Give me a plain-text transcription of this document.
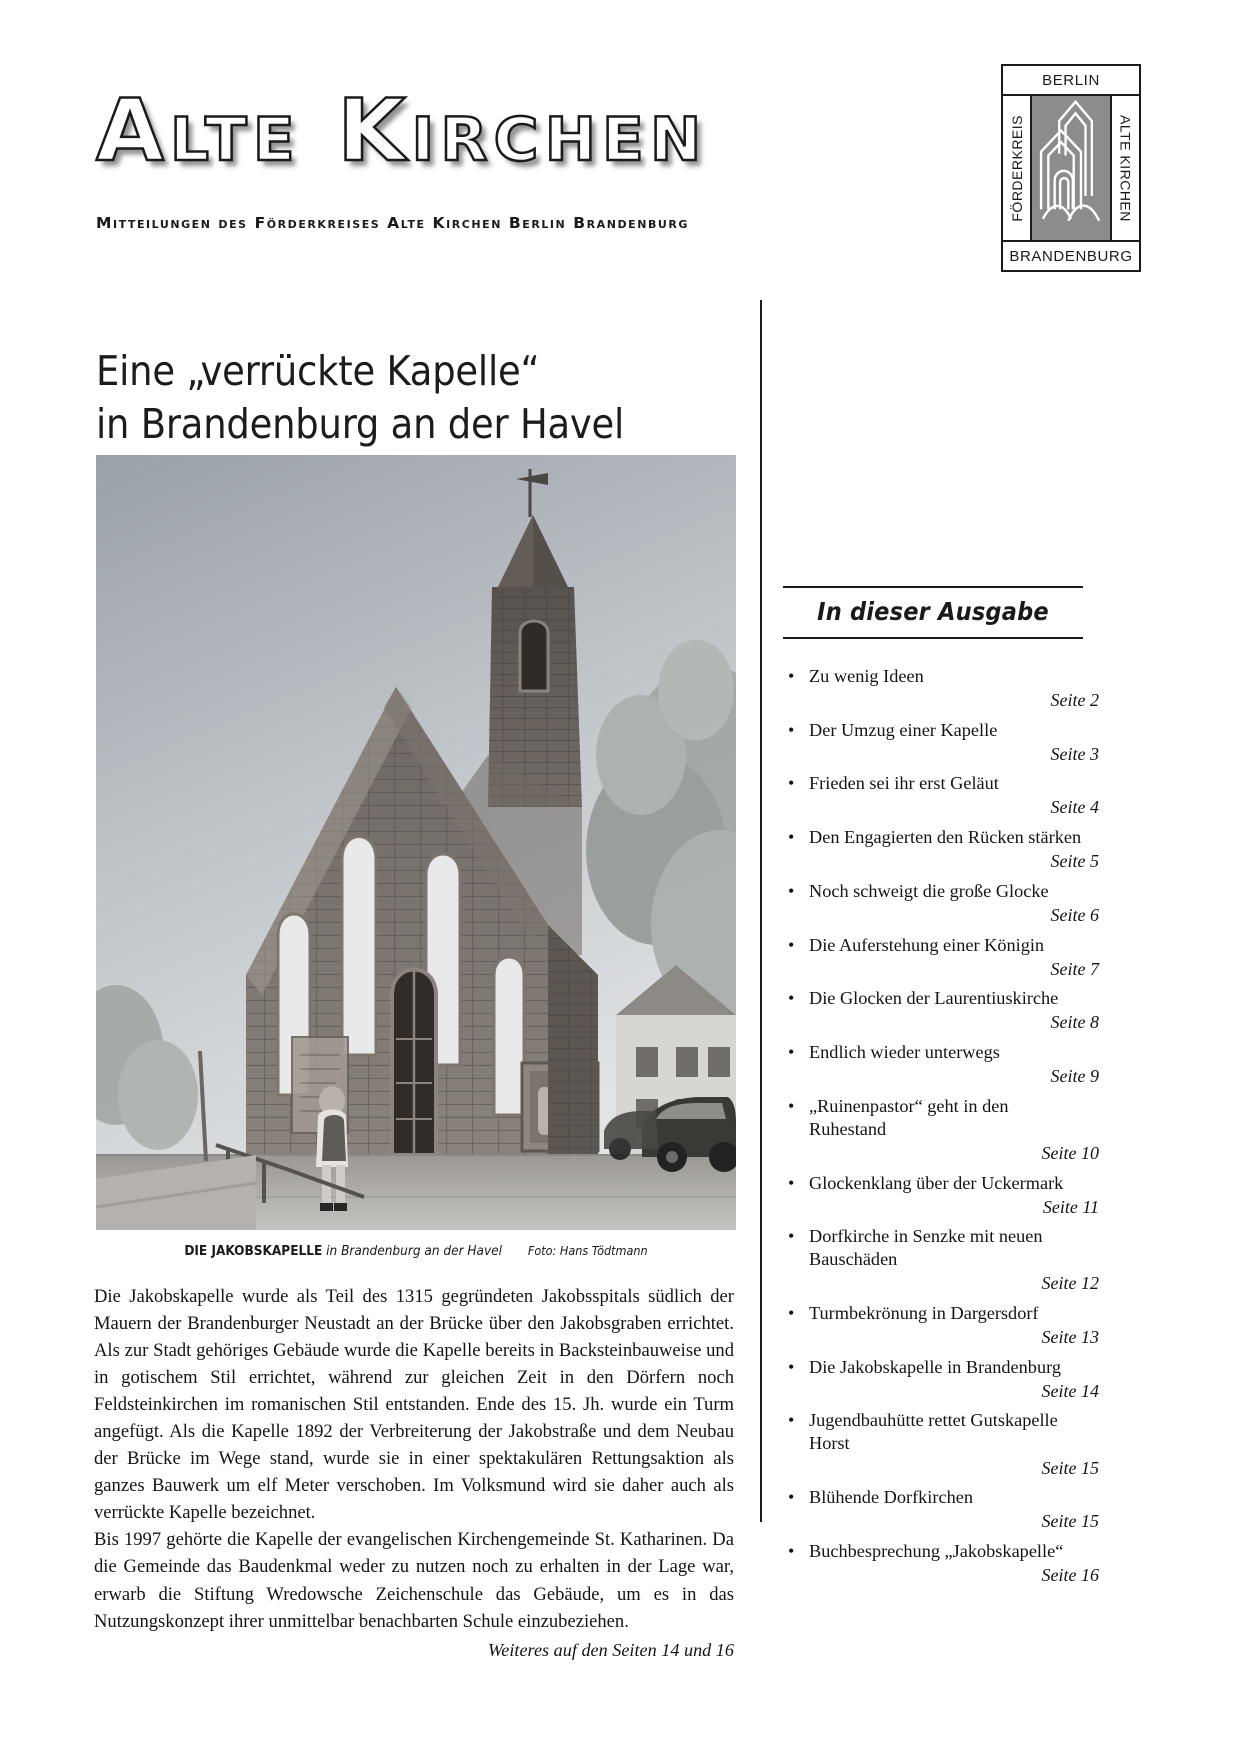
Alte Kirchen
Mitteilungen des Förderkreises Alte Kirchen Berlin Brandenburg
BERLIN
FÖRDERKREIS	ALTE KIRCHEN
BRANDENBURG
Eine „verrückte Kapelle“
in Brandenburg an der Havel
DIE JAKOBSKAPELLE in Brandenburg an der Havel Foto: Hans Tödtmann

Die Jakobskapelle wurde als Teil des 1315 gegründeten Jakobsspitals südlich der Mauern der Brandenburger Neustadt an der Brücke über den Jakobsgraben errichtet. Als zur Stadt gehöriges Gebäude wurde die Kapelle bereits in Backsteinbauweise und in gotischem Stil errichtet, während zur gleichen Zeit in den Dörfern noch Feldsteinkirchen im romanischen Stil entstanden. Ende des 15. Jh. wurde ein Turm angefügt. Als die Kapelle 1892 der Verbreiterung der Jakobstraße und dem Neubau der Brücke im Wege stand, wurde sie in einer spektakulären Rettungsaktion als ganzes Bauwerk um elf Meter verschoben. Im Volksmund wird sie daher auch als verrückte Kapelle bezeichnet.

Bis 1997 gehörte die Kapelle der evangelischen Kirchengemeinde St. Katharinen. Da die Gemeinde das Baudenkmal weder zu nutzen noch zu erhalten in der Lage war, erwarb die Stiftung Wredowsche Zeichenschule das Gebäude, um es in das Nutzungskonzept ihrer unmittelbar benachbarten Schule einzubeziehen.

Weiteres auf den Seiten 14 und 16

In dieser Ausgabe
• Zu wenig Ideen
Seite 2
• Der Umzug einer Kapelle
Seite 3
• Frieden sei ihr erst Geläut
Seite 4
• Den Engagierten den Rücken stärken
Seite 5
• Noch schweigt die große Glocke
Seite 6
• Die Auferstehung einer Königin
Seite 7
• Die Glocken der Laurentiuskirche
Seite 8
• Endlich wieder unterwegs
Seite 9
• „Ruinenpastor“ geht in den Ruhestand
Seite 10
• Glockenklang über der Uckermark
Seite 11
• Dorfkirche in Senzke mit neuen Bauschäden
Seite 12
• Turmbekrönung in Dargersdorf
Seite 13
• Die Jakobskapelle in Brandenburg
Seite 14
• Jugendbauhütte rettet Gutskapelle Horst
Seite 15
• Blühende Dorfkirchen
Seite 15
• Buchbesprechung „Jakobskapelle“
Seite 16
